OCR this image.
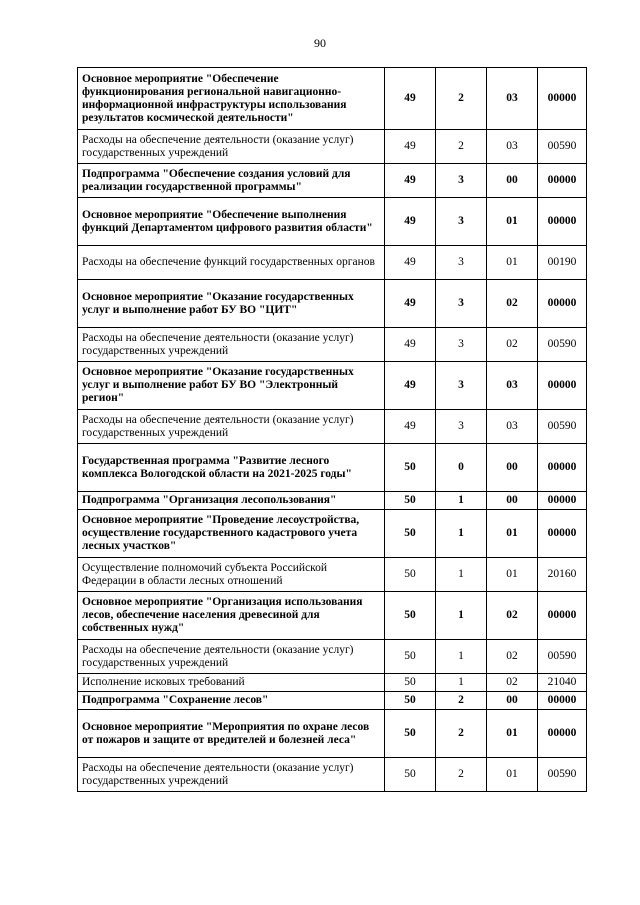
90
Основное мероприятие "Обеспечение функционирования региональной навигационно-информационной инфраструктуры использования результатов космической деятельности"	49	2	03	00000
Расходы на обеспечение деятельности (оказание услуг) государственных учреждений	49	2	03	00590
Подпрограмма "Обеспечение создания условий для реализации государственной программы"	49	3	00	00000
Основное мероприятие "Обеспечение выполнения функций Департаментом цифрового развития области"	49	3	01	00000
Расходы на обеспечение функций государственных органов	49	3	01	00190
Основное мероприятие "Оказание государственных услуг и выполнение работ БУ ВО "ЦИТ"	49	3	02	00000
Расходы на обеспечение деятельности (оказание услуг) государственных учреждений	49	3	02	00590
Основное мероприятие "Оказание государственных услуг и выполнение работ БУ ВО "Электронный регион"	49	3	03	00000
Расходы на обеспечение деятельности (оказание услуг) государственных учреждений	49	3	03	00590
Государственная программа "Развитие лесного комплекса Вологодской области на 2021-2025 годы"	50	0	00	00000
Подпрограмма "Организация лесопользования"	50	1	00	00000
Основное мероприятие "Проведение лесоустройства, осуществление государственного кадастрового учета лесных участков"	50	1	01	00000
Осуществление полномочий субъекта Российской Федерации в области лесных отношений	50	1	01	20160
Основное мероприятие "Организация использования лесов, обеспечение населения древесиной для собственных нужд"	50	1	02	00000
Расходы на обеспечение деятельности (оказание услуг) государственных учреждений	50	1	02	00590
Исполнение исковых требований	50	1	02	21040
Подпрограмма "Сохранение лесов"	50	2	00	00000
Основное мероприятие "Мероприятия по охране лесов от пожаров и защите от вредителей и болезней леса"	50	2	01	00000
Расходы на обеспечение деятельности (оказание услуг) государственных учреждений	50	2	01	00590
